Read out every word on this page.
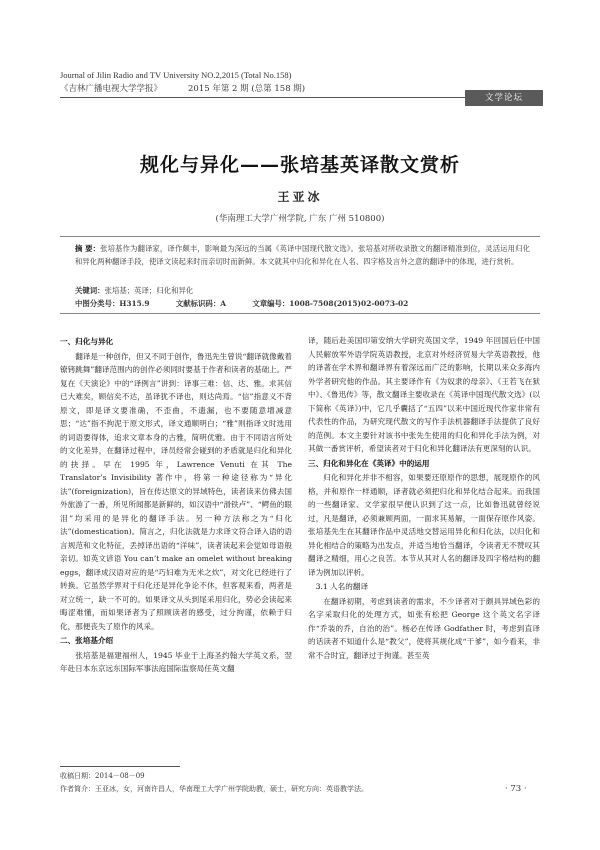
Journal of Jilin Radio and TV University NO.2,2015 (Total No.158)
《吉林广播电视大学学报》	2015 年第 2 期 (总第 158 期)
文学论坛
规化与异化——张培基英译散文赏析
王亚冰
(华南理工大学广州学院, 广东 广州 510800)
摘 要：张培基作为翻译家，译作颇丰，影响最为深远的当属《英译中国现代散文选》。张培基对所收录散文的翻译精准到位，灵活运用归化和异化两种翻译手段，使译文读起来时而亲切时而新鲜。本文就其中归化和异化在人名、四字格及言外之意的翻译中的体现，进行赏析。
关键词：张培基；英译；归化和异化
中图分类号：H315.9	文献标识码：A	文章编号：1008-7508(2015)02-0073-02

一、归化与异化

翻译是一种创作，但又不同于创作，鲁迅先生曾说“翻译就像戴着镣铐跳舞”翻译范围内的创作必须同时要基于作者和读者的基础上。严复在《天演论》中的“译例言”讲到：译事三难：信、达、雅。求其信已大难矣，顾信矣不达，虽译犹不译也，则达尚焉。“信”指意义不背原文，即是译文要准确，不歪曲，不遗漏，也不要随意增减意思；“达”指不拘泥于原文形式，译文通顺明白；“雅”则指译文时选用的词语要得体，追求文章本身的古雅，简明优雅。由于不同语言所处的文化差异，在翻译过程中，译员经常会碰到的矛盾就是归化和异化的抉择。早在 1995 年，Lawrence Venuti 在其 The Translator’s Invisibility 著作中，将第一种途径称为“异化法”(foreignization)，旨在传达原文的异域特色，读者读来仿佛去国外旅游了一番，所见所闻都是新鲜的，如汉语中“滑铁卢”、“鳄鱼的眼泪”均采用的是异化的翻译手法。另一种方法称之为“归化法”(domestication)。简言之，归化法就是力求译文符合译入语的语言规范和文化特征，丢掉译出语的“洋味”，读者读起来会觉如母语般亲切。如英文谚语 You can’t make an omelet without breaking eggs，翻译成汉语对应的是“巧妇难为无米之炊”，对文化已经进行了转换。它虽然学界对于归化还是异化争论不休，但客观来看，两者是对立统一，缺一不可的。如果译文从头到尾采用归化，势必会读起来晦涩难懂，而如果译者为了照顾读者的感受，过分拘谨，依赖于归化，那便丧失了原作的风采。

二、张培基介绍

张培基是福建福州人，1945 毕业于上海圣约翰大学英文系，翌年赴日本东京远东国际军事法庭国际监察局任英文翻

译，随后赴美国印第安纳大学研究英国文学，1949 年回国后任中国人民解放军外语学院英语教授，北京对外经济贸易大学英语教授，他的译著在学术界和翻译界有着深远而广泛的影响，长期以来众多海内外学者研究他的作品。其主要译作有《为奴隶的母亲》、《王若飞在狱中》、《鲁迅传》等，散文翻译主要收录在《英译中国现代散文选》(以下简称《英译》)中，它几乎囊括了“五四”以来中国近现代作家非常有代表性的作品，为研究现代散文的写作手法机器翻译手法提供了良好的范例。本文主要针对该书中张先生使用的归化和异化手法为例，对其做一番赏评析，希望读者对于归化和异化翻译法有更深刻的认识。

三、归化和异化在《英译》中的运用

归化和异化并非不相容，如果要还原原作的思想，展现原作的风格，并和原作一样通顺，译者就必须把归化和异化结合起来。而我国的一些翻译家、文学家很早便认识到了这一点，比如鲁迅就曾经说过，凡是翻译，必须兼顾两面，一面求其易解，一面保存原作风姿。张培基先生在其翻译作品中灵活地交替运用异化和归化法，以归化和异化相结合的策略为出发点，并适当地恰当翻译，令读者无不赞叹其翻译之精细，用心之良苦。本节从其对人名的翻译及四字格结构的翻译为例加以评析。

3.1 人名的翻译

在翻译初期，考虑到读者的需求，不少译者对于颇具异域色彩的名字采取归化的处理方式，如张有松把 George 这个英文名字译作“乔装的乔，自治的治”。杨必在传译 Godfather 时，考虑到直译的话读者不知道什么是“教父”，使将其规化成“干爹”，如今看来，非常不合时宜，翻译过于拘谨。甚至英

收稿日期：2014－08－09
作者简介：王亚冰，女，河南许昌人，华南理工大学广州学院助教，硕士，研究方向：英语教学法。	· 73 ·
